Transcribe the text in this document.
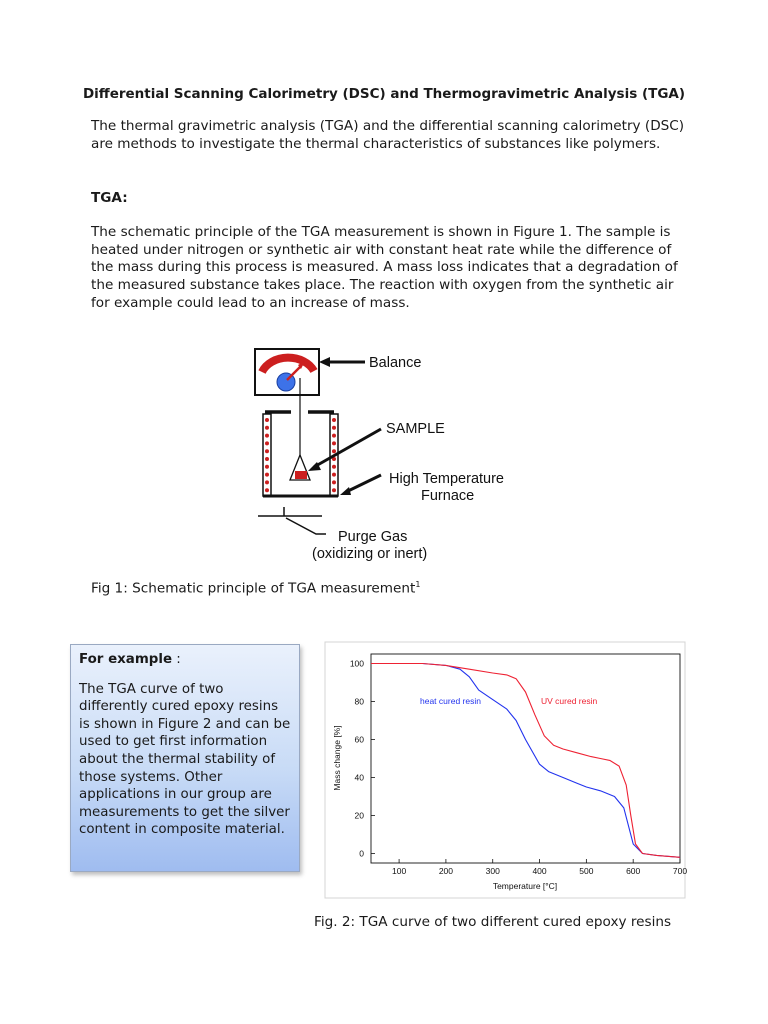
Differential Scanning Calorimetry (DSC) and Thermogravimetric Analysis (TGA)

The thermal gravimetric analysis (TGA) and the differential scanning calorimetry (DSC) are methods to investigate the thermal characteristics of substances like polymers.

TGA:

The schematic principle of the TGA measurement is shown in Figure 1. The sample is heated under nitrogen or synthetic air with constant heat rate while the difference of the mass during this process is measured. A mass loss indicates that a degradation of the measured substance takes place. The reaction with oxygen from the synthetic air for example could lead to an increase of mass.

Balance
SAMPLE
High Temperature
Furnace
Purge Gas
(oxidizing or inert)
Fig 1: Schematic principle of TGA measurement$^1$
For example :
The TGA curve of two differently cured epoxy resins is shown in Figure 2 and can be used to get first information about the thermal stability of those systems. Other applications in our group are measurements to get the silver content in composite material.
100	200	300	400	500	600	700
0
20
40
60
80
100
heat cured resin	UV cured resin
Temperature [°C]
Mass change [%]
Fig. 2: TGA curve of two different cured epoxy resins
